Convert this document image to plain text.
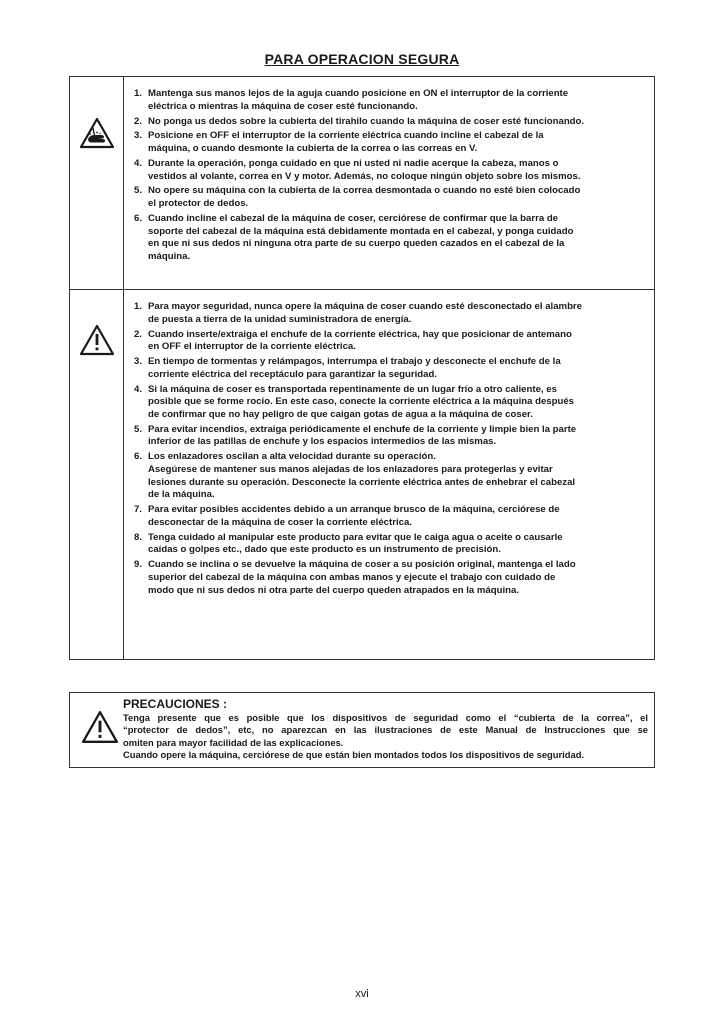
PARA OPERACION SEGURA
1. Mantenga sus manos lejos de la aguja cuando posicione en ON el interruptor de la corriente
eléctrica o mientras la máquina de coser esté funcionando.
2. No ponga us dedos sobre la cubierta del tirahilo cuando la máquina de coser esté funcionando.
3. Posicione en OFF el interruptor de la corriente eléctrica cuando incline el cabezal de la
máquina, o cuando desmonte la cubierta de la correa o las correas en V.
4. Durante la operación, ponga cuidado en que ni usted ni nadie acerque la cabeza, manos o
vestidos al volante, correa en V y motor. Además, no coloque ningún objeto sobre los mismos.
5. No opere su máquina con la cubierta de la correa desmontada o cuando no esté bien colocado
el protector de dedos.
6. Cuando incline el cabezal de la máquina de coser, cerciórese de confirmar que la barra de
soporte del cabezal de la máquina está debidamente montada en el cabezal, y ponga cuidado
en que ni sus dedos ni ninguna otra parte de su cuerpo queden cazados en el cabezal de la
máquina.
1. Para mayor seguridad, nunca opere la máquina de coser cuando esté desconectado el alambre
de puesta a tierra de la unidad suministradora de energía.
2. Cuando inserte/extraiga el enchufe de la corriente eléctrica, hay que posicionar de antemano
en OFF el interruptor de la corriente eléctrica.
3. En tiempo de tormentas y relámpagos, interrumpa el trabajo y desconecte el enchufe de la
corriente eléctrica del receptáculo para garantizar la seguridad.
4. Si la máquina de coser es transportada repentinamente de un lugar frío a otro caliente, es
posible que se forme rocío. En este caso, conecte la corriente eléctrica a la máquina después
de confirmar que no hay peligro de que caigan gotas de agua a la máquina de coser.
5. Para evitar incendios, extraiga periódicamente el enchufe de la corriente y limpie bien la parte
inferior de las patillas de enchufe y los espacios intermedios de las mismas.
6. Los enlazadores oscilan a alta velocidad durante su operación.
Asegúrese de mantener sus manos alejadas de los enlazadores para protegerlas y evitar
lesiones durante su operación. Desconecte la corriente eléctrica antes de enhebrar el cabezal
de la máquina.
7. Para evitar posibles accidentes debido a un arranque brusco de la máquina, cerciórese de
desconectar de la máquina de coser la corriente eléctrica.
8. Tenga cuidado al manipular este producto para evitar que le caiga agua o aceite o causarle
caídas o golpes etc., dado que este producto es un instrumento de precisión.
9. Cuando se inclina o se devuelve la máquina de coser a su posición original, mantenga el lado
superior del cabezal de la máquina con ambas manos y ejecute el trabajo con cuidado de
modo que ni sus dedos ni otra parte del cuerpo queden atrapados en la máquina.
PRECAUCIONES :
Tenga presente que es posible que los dispositivos de seguridad como el “cubierta de la correa”, el
“protector de dedos”, etc, no aparezcan en las ilustraciones de este Manual de Instrucciones que se
omiten para mayor facilidad de las explicaciones.
Cuando opere la máquina, cerciórese de que están bien montados todos los dispositivos de seguridad.
xvi
